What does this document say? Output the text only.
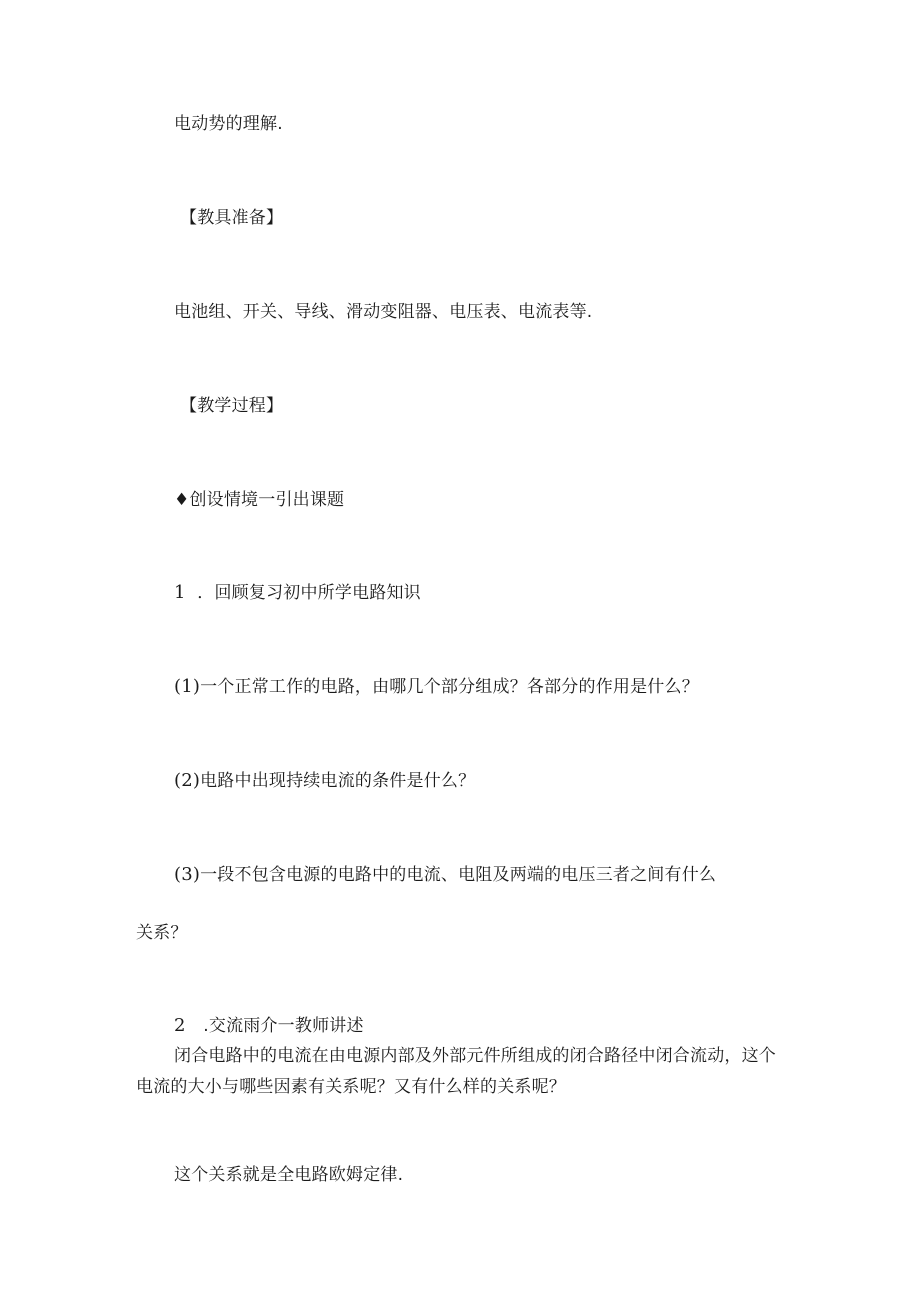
电动势的理解.
【教具准备】
电池组、开关、导线、滑动变阻器、电压表、电流表等.
【教学过程】
♦创设情境一引出课题
1 ．回顾复习初中所学电路知识
(1)一个正常工作的电路，由哪几个部分组成？各部分的作用是什么？
(2)电路中出现持续电流的条件是什么？
(3)一段不包含电源的电路中的电流、电阻及两端的电压三者之间有什么
关系？
2 .交流雨介一教师讲述
闭合电路中的电流在由电源内部及外部元件所组成的闭合路径中闭合流动，这个
电流的大小与哪些因素有关系呢？又有什么样的关系呢？
这个关系就是全电路欧姆定律.
